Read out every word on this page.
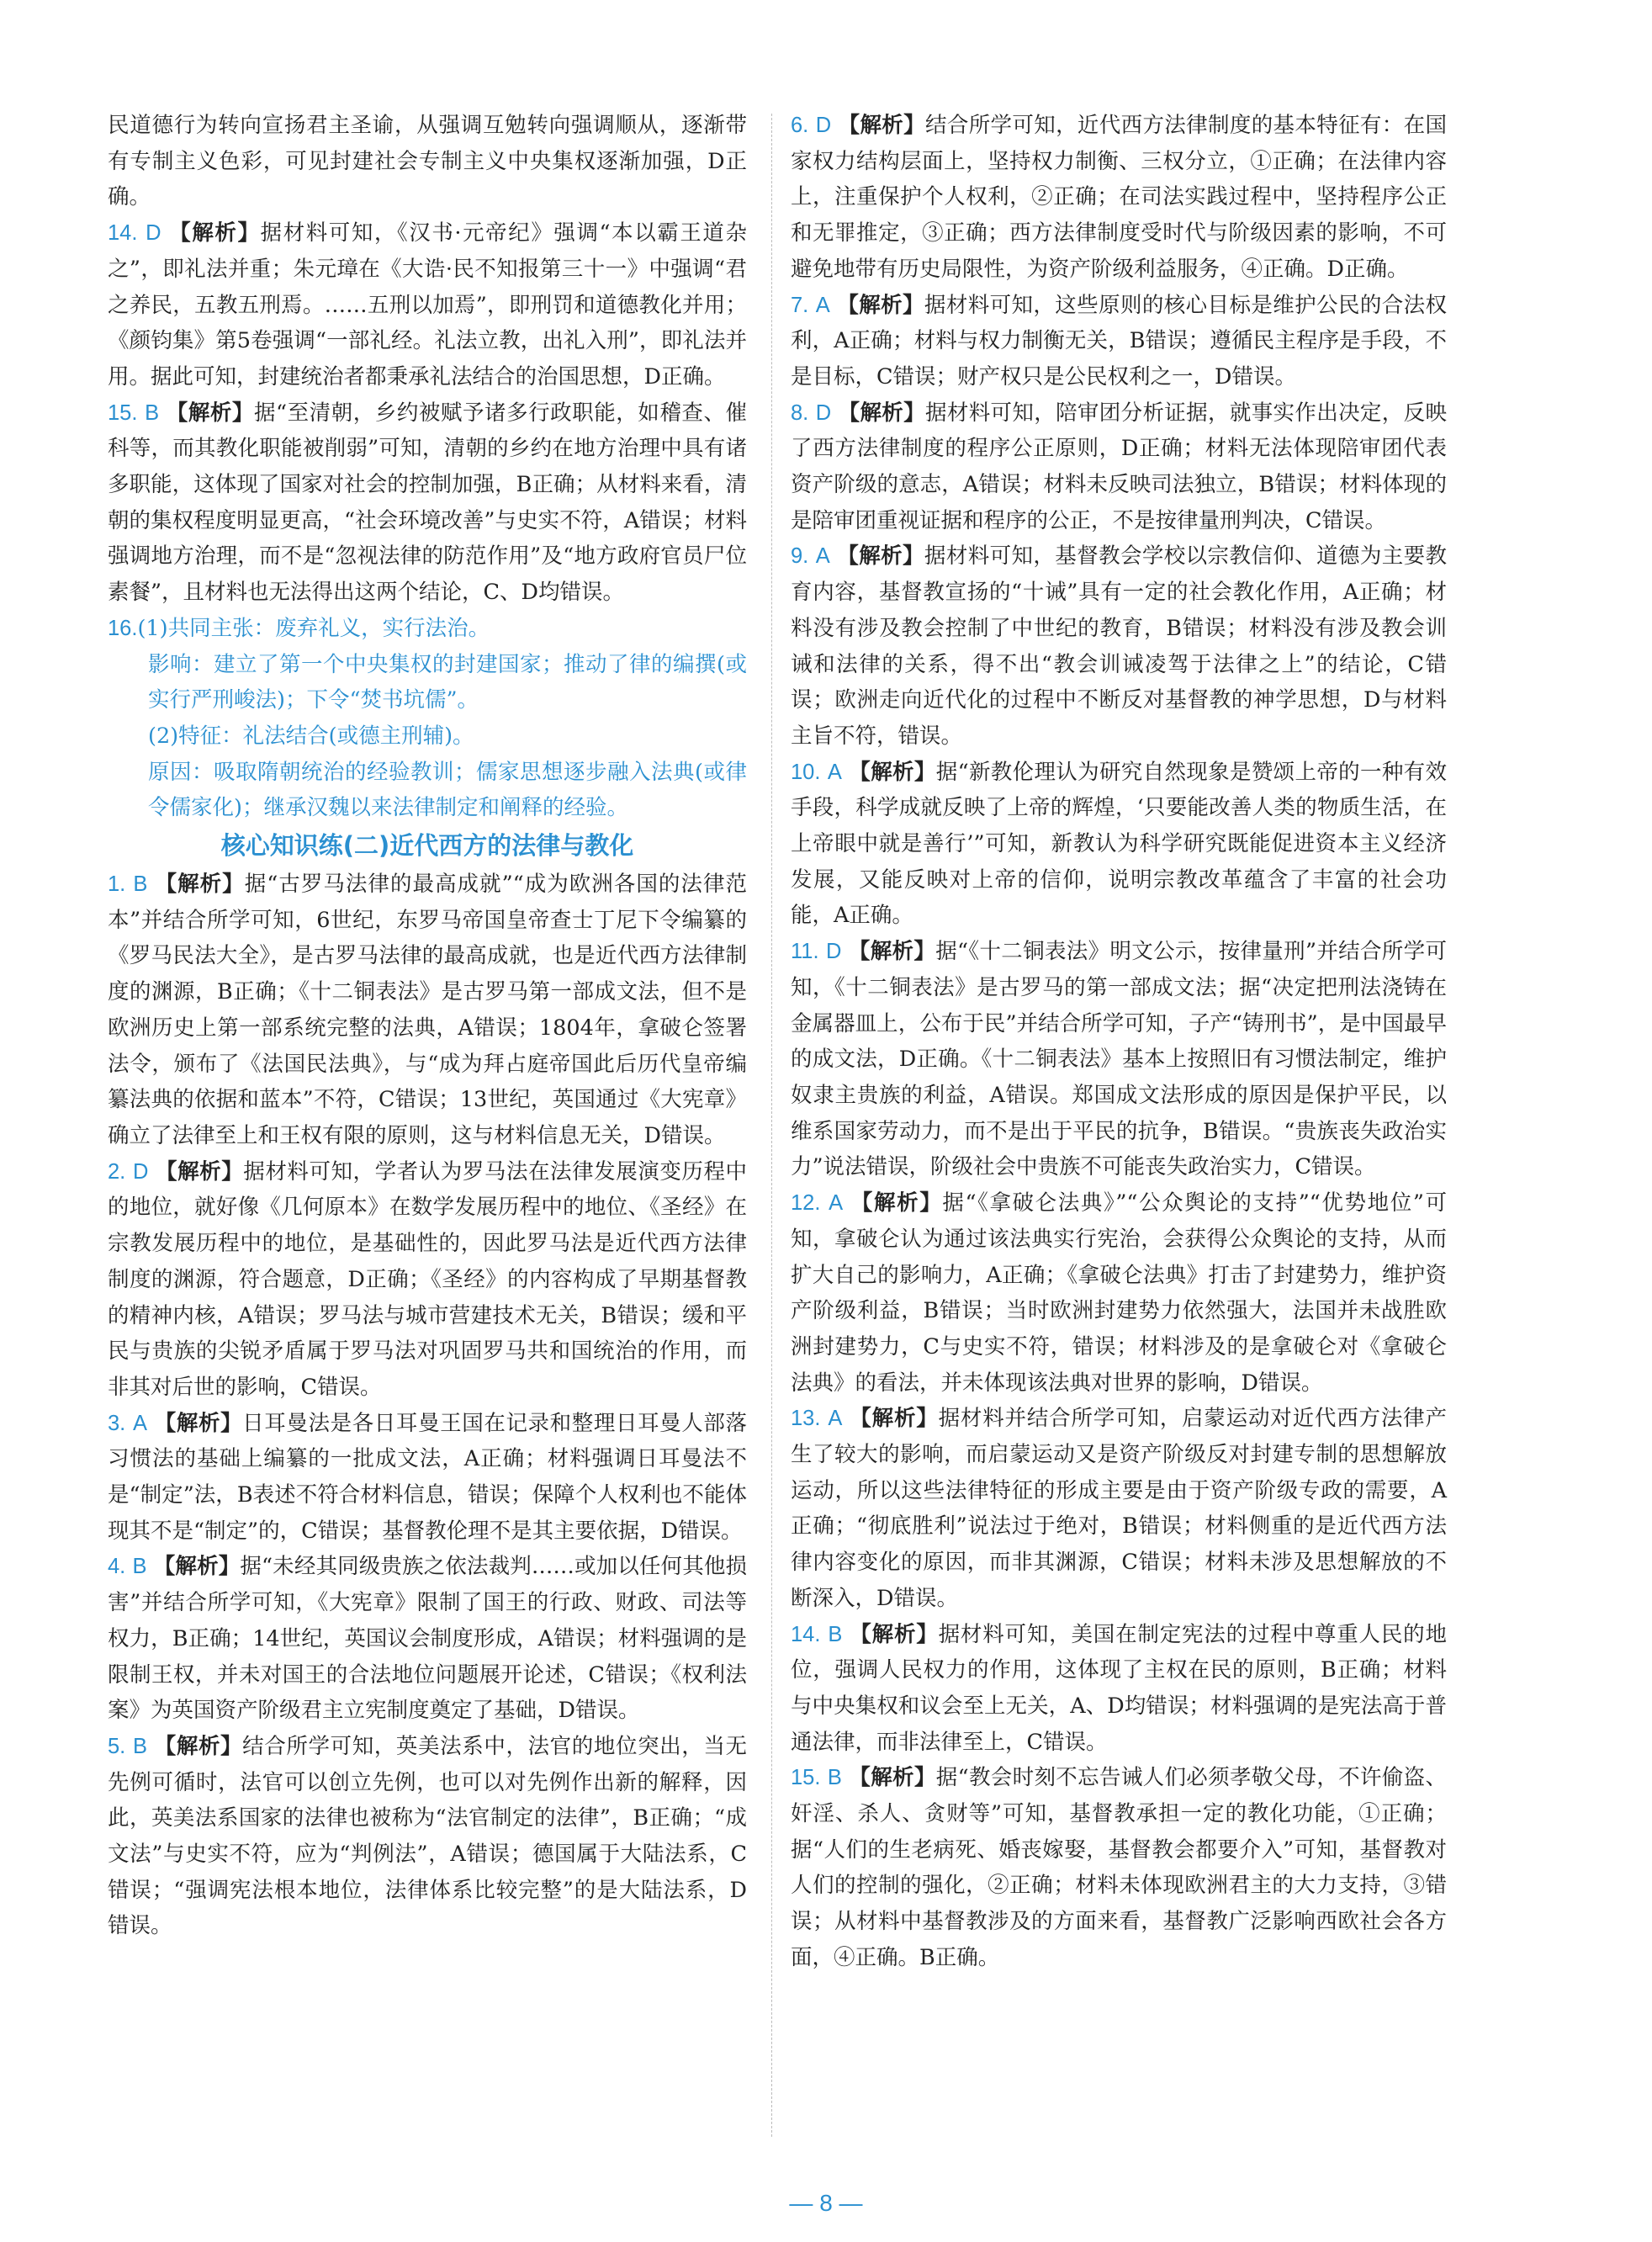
民道德行为转向宣扬君主圣谕，从强调互勉转向强调顺从，逐渐带有专制主义色彩，可见封建社会专制主义中央集权逐渐加强，D正确。

14. D 【解析】据材料可知，《汉书·元帝纪》强调“本以霸王道杂之”，即礼法并重；朱元璋在《大诰·民不知报第三十一》中强调“君之养民，五教五刑焉。……五刑以加焉”，即刑罚和道德教化并用；《颜钧集》第5卷强调“一部礼经。礼法立教，出礼入刑”，即礼法并用。据此可知，封建统治者都秉承礼法结合的治国思想，D正确。

15. B 【解析】据“至清朝，乡约被赋予诸多行政职能，如稽查、催科等，而其教化职能被削弱”可知，清朝的乡约在地方治理中具有诸多职能，这体现了国家对社会的控制加强，B正确；从材料来看，清朝的集权程度明显更高，“社会环境改善”与史实不符，A错误；材料强调地方治理，而不是“忽视法律的防范作用”及“地方政府官员尸位素餐”，且材料也无法得出这两个结论，C、D均错误。

16.(1)共同主张：废弃礼义，实行法治。

影响：建立了第一个中央集权的封建国家；推动了律的编撰(或实行严刑峻法)；下令“焚书坑儒”。

(2)特征：礼法结合(或德主刑辅)。

原因：吸取隋朝统治的经验教训；儒家思想逐步融入法典(或律令儒家化)；继承汉魏以来法律制定和阐释的经验。

核心知识练(二)近代西方的法律与教化

1. B 【解析】据“古罗马法律的最高成就”“成为欧洲各国的法律范本”并结合所学可知，6世纪，东罗马帝国皇帝查士丁尼下令编纂的《罗马民法大全》，是古罗马法律的最高成就，也是近代西方法律制度的渊源，B正确；《十二铜表法》是古罗马第一部成文法，但不是欧洲历史上第一部系统完整的法典，A错误；1804年，拿破仑签署法令，颁布了《法国民法典》，与“成为拜占庭帝国此后历代皇帝编纂法典的依据和蓝本”不符，C错误；13世纪，英国通过《大宪章》确立了法律至上和王权有限的原则，这与材料信息无关，D错误。

2. D 【解析】据材料可知，学者认为罗马法在法律发展演变历程中的地位，就好像《几何原本》在数学发展历程中的地位、《圣经》在宗教发展历程中的地位，是基础性的，因此罗马法是近代西方法律制度的渊源，符合题意，D正确；《圣经》的内容构成了早期基督教的精神内核，A错误；罗马法与城市营建技术无关，B错误；缓和平民与贵族的尖锐矛盾属于罗马法对巩固罗马共和国统治的作用，而非其对后世的影响，C错误。

3. A 【解析】日耳曼法是各日耳曼王国在记录和整理日耳曼人部落习惯法的基础上编纂的一批成文法，A正确；材料强调日耳曼法不是“制定”法，B表述不符合材料信息，错误；保障个人权利也不能体现其不是“制定”的，C错误；基督教伦理不是其主要依据，D错误。

4. B 【解析】据“未经其同级贵族之依法裁判……或加以任何其他损害”并结合所学可知，《大宪章》限制了国王的行政、财政、司法等权力，B正确；14世纪，英国议会制度形成，A错误；材料强调的是限制王权，并未对国王的合法地位问题展开论述，C错误；《权利法案》为英国资产阶级君主立宪制度奠定了基础，D错误。

5. B 【解析】结合所学可知，英美法系中，法官的地位突出，当无先例可循时，法官可以创立先例，也可以对先例作出新的解释，因此，英美法系国家的法律也被称为“法官制定的法律”，B正确；“成文法”与史实不符，应为“判例法”，A错误；德国属于大陆法系，C错误；“强调宪法根本地位，法律体系比较完整”的是大陆法系，D错误。

6. D 【解析】结合所学可知，近代西方法律制度的基本特征有：在国家权力结构层面上，坚持权力制衡、三权分立，①正确；在法律内容上，注重保护个人权利，②正确；在司法实践过程中，坚持程序公正和无罪推定，③正确；西方法律制度受时代与阶级因素的影响，不可避免地带有历史局限性，为资产阶级利益服务，④正确。D正确。

7. A 【解析】据材料可知，这些原则的核心目标是维护公民的合法权利，A正确；材料与权力制衡无关，B错误；遵循民主程序是手段，不是目标，C错误；财产权只是公民权利之一，D错误。

8. D 【解析】据材料可知，陪审团分析证据，就事实作出决定，反映了西方法律制度的程序公正原则，D正确；材料无法体现陪审团代表资产阶级的意志，A错误；材料未反映司法独立，B错误；材料体现的是陪审团重视证据和程序的公正，不是按律量刑判决，C错误。

9. A 【解析】据材料可知，基督教会学校以宗教信仰、道德为主要教育内容，基督教宣扬的“十诫”具有一定的社会教化作用，A正确；材料没有涉及教会控制了中世纪的教育，B错误；材料没有涉及教会训诫和法律的关系，得不出“教会训诫凌驾于法律之上”的结论，C错误；欧洲走向近代化的过程中不断反对基督教的神学思想，D与材料主旨不符，错误。

10. A 【解析】据“新教伦理认为研究自然现象是赞颂上帝的一种有效手段，科学成就反映了上帝的辉煌，‘只要能改善人类的物质生活，在上帝眼中就是善行’”可知，新教认为科学研究既能促进资本主义经济发展，又能反映对上帝的信仰，说明宗教改革蕴含了丰富的社会功能，A正确。

11. D 【解析】据“《十二铜表法》明文公示，按律量刑”并结合所学可知，《十二铜表法》是古罗马的第一部成文法；据“决定把刑法浇铸在金属器皿上，公布于民”并结合所学可知，子产“铸刑书”，是中国最早的成文法，D正确。《十二铜表法》基本上按照旧有习惯法制定，维护奴隶主贵族的利益，A错误。郑国成文法形成的原因是保护平民，以维系国家劳动力，而不是出于平民的抗争，B错误。“贵族丧失政治实力”说法错误，阶级社会中贵族不可能丧失政治实力，C错误。

12. A 【解析】据“《拿破仑法典》”“公众舆论的支持”“优势地位”可知，拿破仑认为通过该法典实行宪治，会获得公众舆论的支持，从而扩大自己的影响力，A正确；《拿破仑法典》打击了封建势力，维护资产阶级利益，B错误；当时欧洲封建势力依然强大，法国并未战胜欧洲封建势力，C与史实不符，错误；材料涉及的是拿破仑对《拿破仑法典》的看法，并未体现该法典对世界的影响，D错误。

13. A 【解析】据材料并结合所学可知，启蒙运动对近代西方法律产生了较大的影响，而启蒙运动又是资产阶级反对封建专制的思想解放运动，所以这些法律特征的形成主要是由于资产阶级专政的需要，A正确；“彻底胜利”说法过于绝对，B错误；材料侧重的是近代西方法律内容变化的原因，而非其渊源，C错误；材料未涉及思想解放的不断深入，D错误。

14. B 【解析】据材料可知，美国在制定宪法的过程中尊重人民的地位，强调人民权力的作用，这体现了主权在民的原则，B正确；材料与中央集权和议会至上无关，A、D均错误；材料强调的是宪法高于普通法律，而非法律至上，C错误。

15. B 【解析】据“教会时刻不忘告诫人们必须孝敬父母，不许偷盗、奸淫、杀人、贪财等”可知，基督教承担一定的教化功能，①正确；据“人们的生老病死、婚丧嫁娶，基督教会都要介入”可知，基督教对人们的控制的强化，②正确；材料未体现欧洲君主的大力支持，③错误；从材料中基督教涉及的方面来看，基督教广泛影响西欧社会各方面，④正确。B正确。

— 8 —
